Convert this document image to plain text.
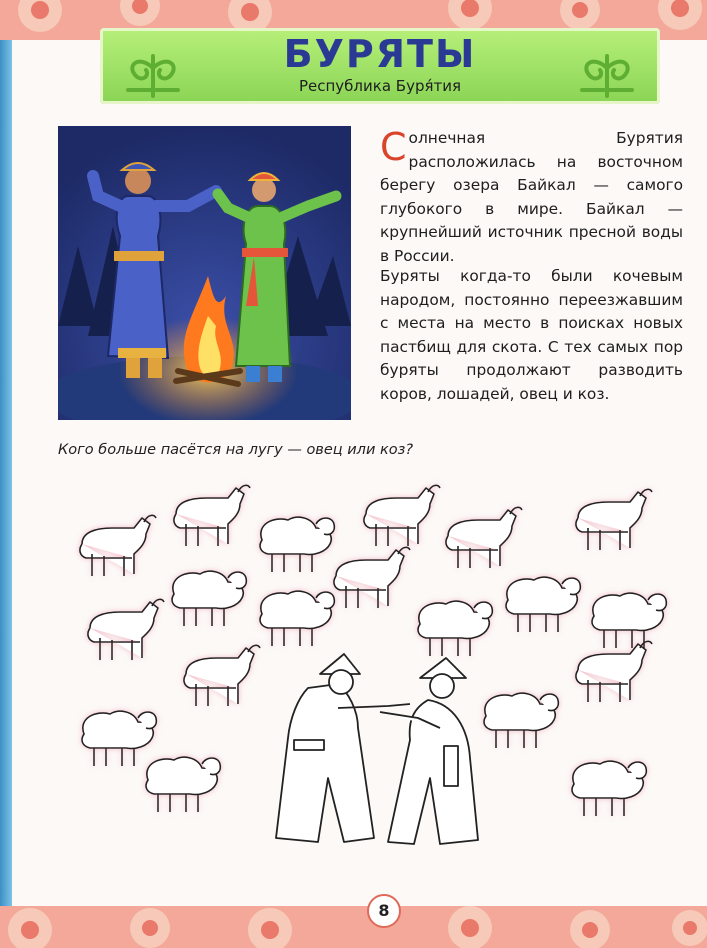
БУРЯТЫ
Республика Буря́тия
Солнечная Бурятия расположилась на восточном берегу озера Байкал — самого глубокого в мире. Байкал — крупнейший источник пресной воды в России.
Буряты когда-то были кочевым народом, постоянно переезжавшим с места на место в поисках новых пастбищ для скота. С тех самых пор буряты продолжают разводить коров, лошадей, овец и коз.
Кого больше пасётся на лугу — овец или коз?
8
